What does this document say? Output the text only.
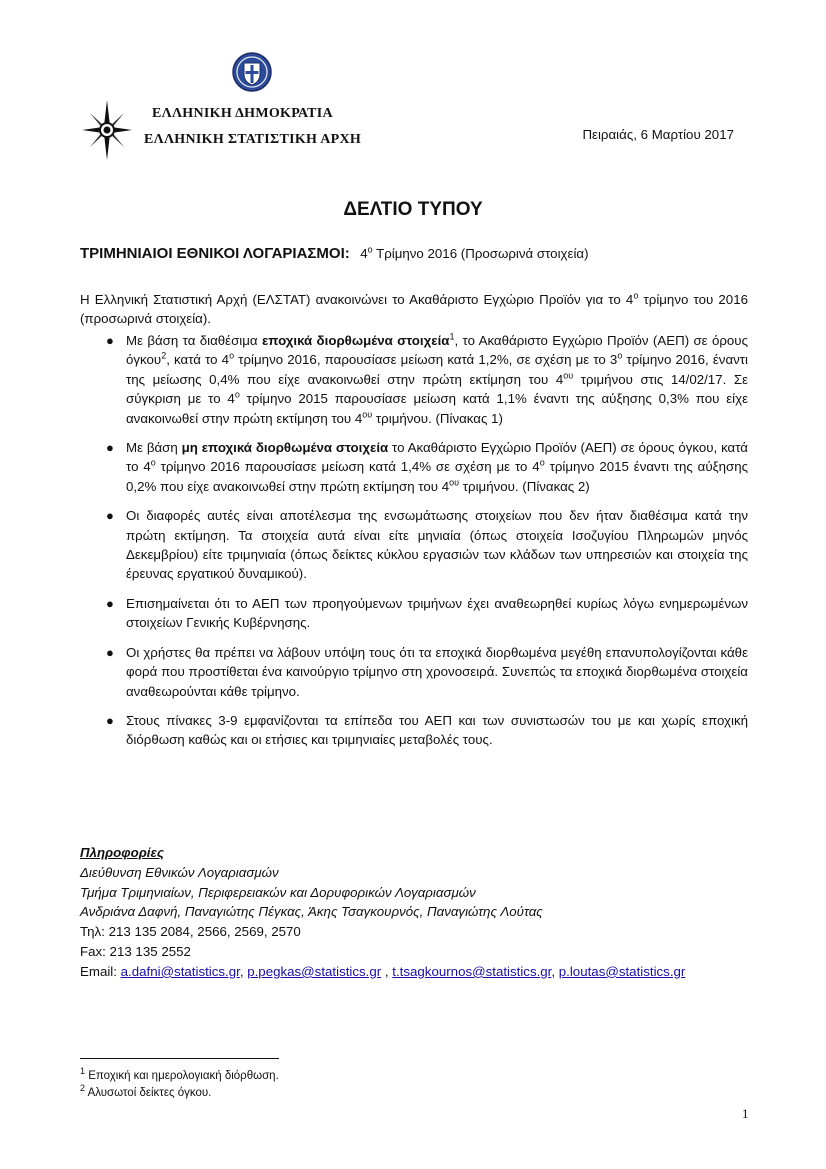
ΕΛΛΗΝΙΚΗ ΔΗΜΟΚΡΑΤΙΑ
ΕΛΛΗΝΙΚΗ ΣΤΑΤΙΣΤΙΚΗ ΑΡΧΗ	Πειραιάς, 6 Μαρτίου 2017
ΔΕΛΤΙΟ ΤΥΠΟΥ
ΤΡΙΜΗΝΙΑΙΟΙ ΕΘΝΙΚΟΙ ΛΟΓΑΡΙΑΣΜΟΙ: $4^o$ Τρίμηνο 2016 (Προσωρινά στοιχεία)
Η Ελληνική Στατιστική Αρχή (ΕΛΣΤΑΤ) ανακοινώνει το Ακαθάριστο Εγχώριο Προϊόν για το $4^o$ τρίμηνο του 2016 (προσωρινά στοιχεία).
● Με βάση τα διαθέσιμα εποχικά διορθωμένα στοιχεία$^1$, το Ακαθάριστο Εγχώριο Προϊόν (ΑΕΠ) σε όρους όγκου$^2$, κατά το $4^o$ τρίμηνο 2016, παρουσίασε μείωση κατά 1,2%, σε σχέση με το $3^o$ τρίμηνο 2016, έναντι της μείωσης 0,4% που είχε ανακοινωθεί στην πρώτη εκτίμηση του $4^{o\upsilon}$ τριμήνου στις 14/02/17. Σε σύγκριση με το $4^o$ τρίμηνο 2015 παρουσίασε μείωση κατά 1,1% έναντι της αύξησης 0,3% που είχε ανακοινωθεί στην πρώτη εκτίμηση του $4^{o\upsilon}$ τριμήνου. (Πίνακας 1)
● Με βάση μη εποχικά διορθωμένα στοιχεία το Ακαθάριστο Εγχώριο Προϊόν (ΑΕΠ) σε όρους όγκου, κατά το $4^o$ τρίμηνο 2016 παρουσίασε μείωση κατά 1,4% σε σχέση με το $4^o$ τρίμηνο 2015 έναντι της αύξησης 0,2% που είχε ανακοινωθεί στην πρώτη εκτίμηση του $4^{o\upsilon}$ τριμήνου. (Πίνακας 2)
● Οι διαφορές αυτές είναι αποτέλεσμα της ενσωμάτωσης στοιχείων που δεν ήταν διαθέσιμα κατά την πρώτη εκτίμηση. Τα στοιχεία αυτά είναι είτε μηνιαία (όπως στοιχεία Ισοζυγίου Πληρωμών μηνός Δεκεμβρίου) είτε τριμηνιαία (όπως δείκτες κύκλου εργασιών των κλάδων των υπηρεσιών και στοιχεία της έρευνας εργατικού δυναμικού).
● Επισημαίνεται ότι το ΑΕΠ των προηγούμενων τριμήνων έχει αναθεωρηθεί κυρίως λόγω ενημερωμένων στοιχείων Γενικής Κυβέρνησης.
● Οι χρήστες θα πρέπει να λάβουν υπόψη τους ότι τα εποχικά διορθωμένα μεγέθη επανυπολογίζονται κάθε φορά που προστίθεται ένα καινούργιο τρίμηνο στη χρονοσειρά. Συνεπώς τα εποχικά διορθωμένα στοιχεία αναθεωρούνται κάθε τρίμηνο.
● Στους πίνακες 3-9 εμφανίζονται τα επίπεδα του ΑΕΠ και των συνιστωσών του με και χωρίς εποχική διόρθωση καθώς και οι ετήσιες και τριμηνιαίες μεταβολές τους.
Πληροφορίες
Διεύθυνση Εθνικών Λογαριασμών
Τμήμα Τριμηνιαίων, Περιφερειακών και Δορυφορικών Λογαριασμών
Ανδριάνα Δαφνή, Παναγιώτης Πέγκας, Άκης Τσαγκουρνός, Παναγιώτης Λούτας
Τηλ: 213 135 2084, 2566, 2569, 2570
Fax: 213 135 2552
Email: a.dafni@statistics.gr, p.pegkas@statistics.gr , t.tsagkournos@statistics.gr, p.loutas@statistics.gr
$^1$ Εποχική και ημερολογιακή διόρθωση.
$^2$ Αλυσωτοί δείκτες όγκου.
1
